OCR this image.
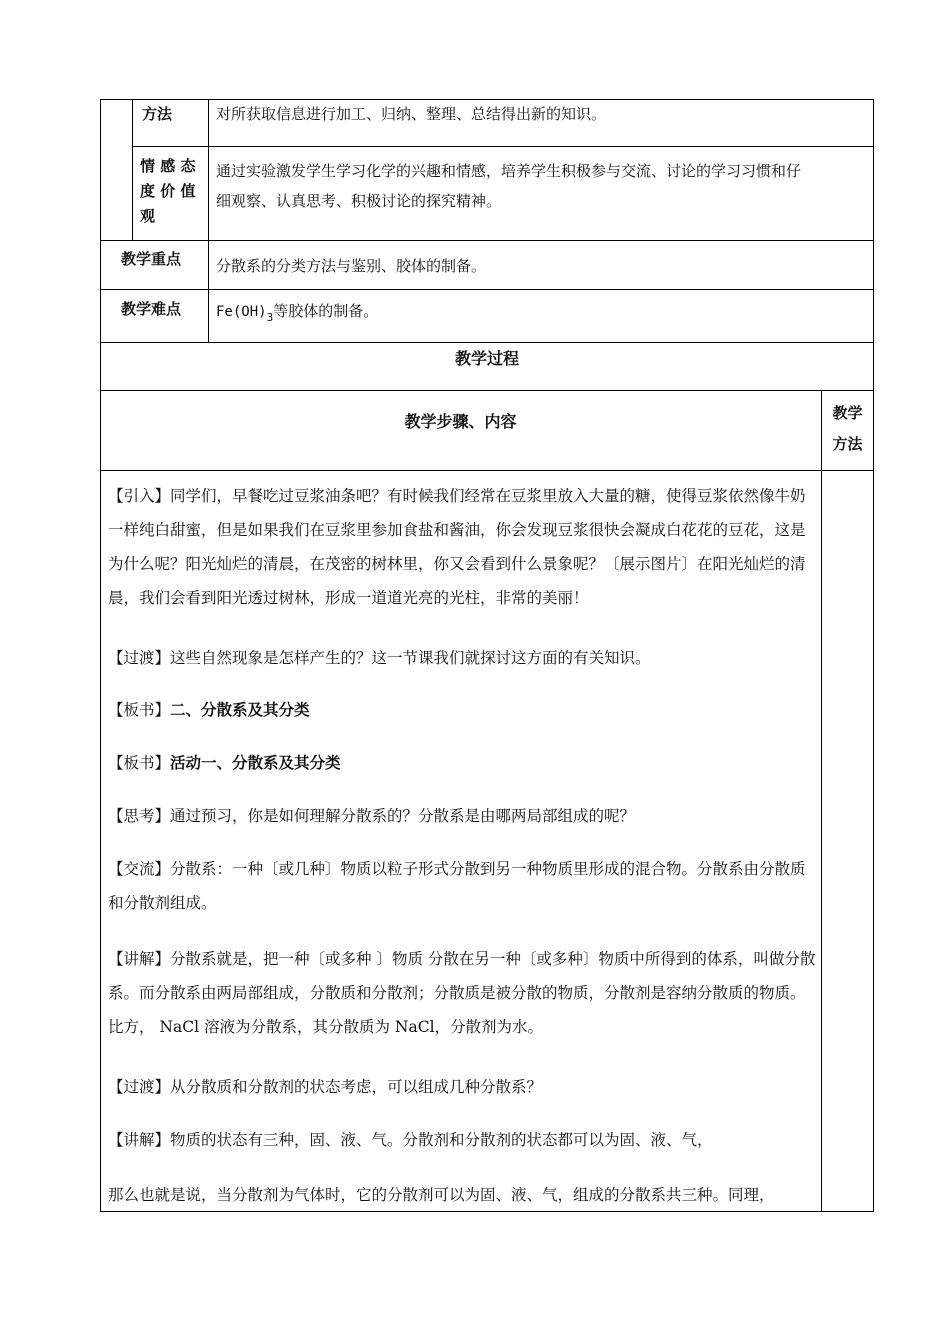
方法	对所获取信息进行加工、归纳、整理、总结得出新的知识。
情 感 态
度 价 值
观
通过实验激发学生学习化学的兴趣和情感，培养学生积极参与交流、讨论的学习习惯和仔
细观察、认真思考、积极讨论的探究精神。
教学重点 分散系的分类方法与鉴别、胶体的制备。
教学难点 $Fe(OH)_3$等胶体的制备。
教学过程
教学步骤、内容	教学
方法
【引入】同学们，早餐吃过豆浆油条吧？有时候我们经常在豆浆里放入大量的糖，使得豆浆依然像牛奶一样纯白甜蜜，但是如果我们在豆浆里参加食盐和酱油，你会发现豆浆很快会凝成白花花的豆花，这是为什么呢？阳光灿烂的清晨，在茂密的树林里，你又会看到什么景象呢？〔展示图片〕在阳光灿烂的清晨，我们会看到阳光透过树林，形成一道道光亮的光柱，非常的美丽！
【过渡】这些自然现象是怎样产生的？这一节课我们就探讨这方面的有关知识。
【板书】二、分散系及其分类
【板书】活动一、分散系及其分类
【思考】通过预习，你是如何理解分散系的？分散系是由哪两局部组成的呢？
【交流】分散系：一种〔或几种〕物质以粒子形式分散到另一种物质里形成的混合物。分散系由分散质和分散剂组成。
【讲解】分散系就是，把一种〔或多种 〕物质 分散在另一种〔或多种〕物质中所得到的体系，叫做分散系。而分散系由两局部组成，分散质和分散剂；分散质是被分散的物质，分散剂是容纳分散质的物质。比方， NaCl 溶液为分散系，其分散质为 NaCl，分散剂为水。
【过渡】从分散质和分散剂的状态考虑，可以组成几种分散系？
【讲解】物质的状态有三种，固、液、气。分散剂和分散剂的状态都可以为固、液、气，
那么也就是说，当分散剂为气体时，它的分散剂可以为固、液、气，组成的分散系共三种。同理，
